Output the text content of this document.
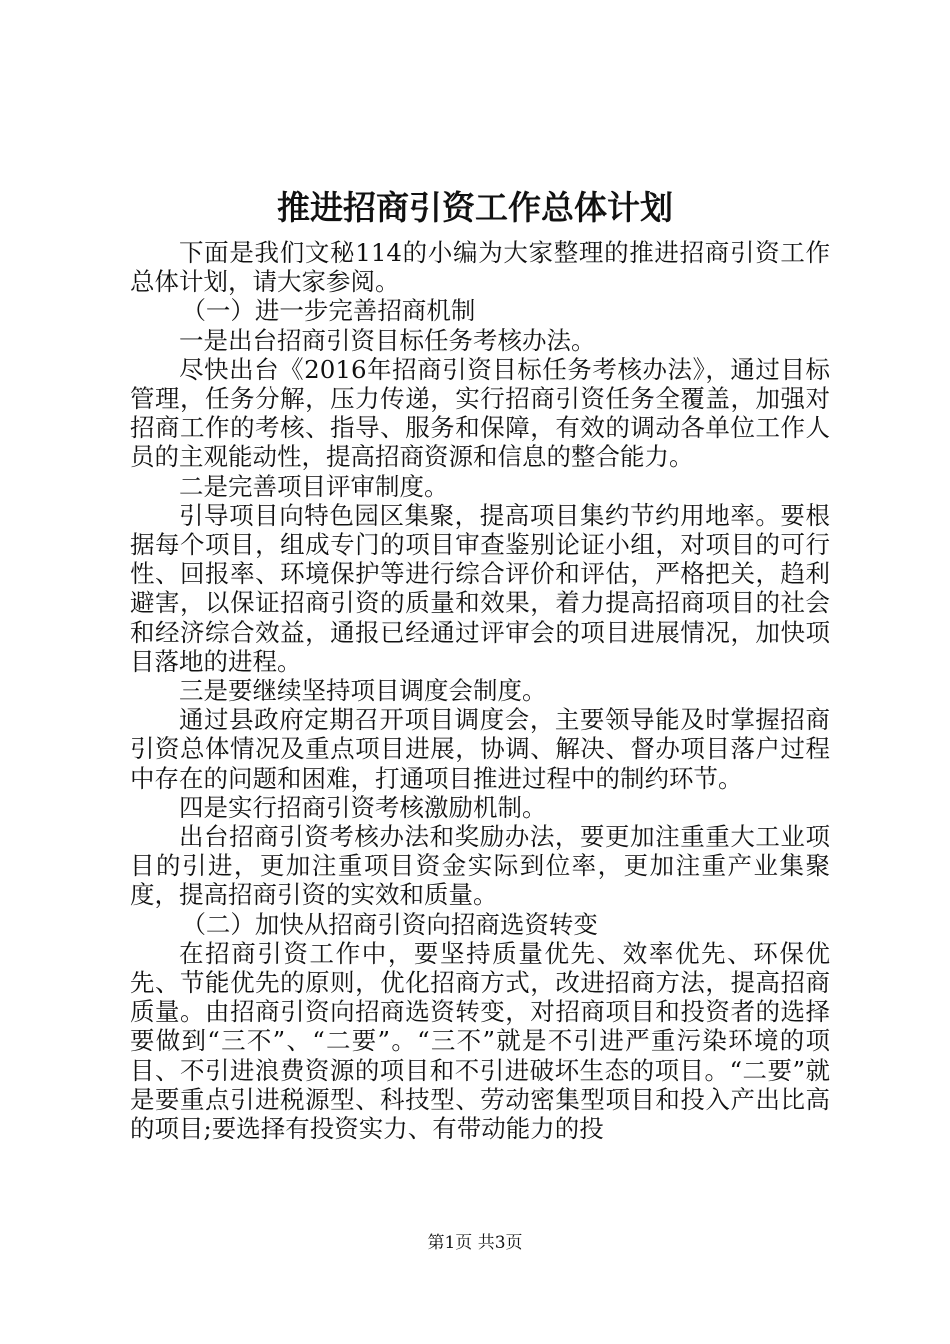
推进招商引资工作总体计划

下面是我们文秘114的小编为大家整理的推进招商引资工作总体计划，请大家参阅。

（一）进一步完善招商机制

一是出台招商引资目标任务考核办法。

尽快出台《2016年招商引资目标任务考核办法》，通过目标管理，任务分解，压力传递，实行招商引资任务全覆盖，加强对招商工作的考核、指导、服务和保障，有效的调动各单位工作人员的主观能动性，提高招商资源和信息的整合能力。

二是完善项目评审制度。

引导项目向特色园区集聚，提高项目集约节约用地率。要根据每个项目，组成专门的项目审查鉴别论证小组，对项目的可行性、回报率、环境保护等进行综合评价和评估，严格把关，趋利避害，以保证招商引资的质量和效果，着力提高招商项目的社会和经济综合效益，通报已经通过评审会的项目进展情况，加快项目落地的进程。

三是要继续坚持项目调度会制度。

通过县政府定期召开项目调度会，主要领导能及时掌握招商引资总体情况及重点项目进展，协调、解决、督办项目落户过程中存在的问题和困难，打通项目推进过程中的制约环节。

四是实行招商引资考核激励机制。

出台招商引资考核办法和奖励办法，要更加注重重大工业项目的引进，更加注重项目资金实际到位率，更加注重产业集聚度，提高招商引资的实效和质量。

（二）加快从招商引资向招商选资转变

在招商引资工作中，要坚持质量优先、效率优先、环保优先、节能优先的原则，优化招商方式，改进招商方法，提高招商质量。由招商引资向招商选资转变，对招商项目和投资者的选择要做到“三不”、“二要”。“三不”就是不引进严重污染环境的项目、不引进浪费资源的项目和不引进破坏生态的项目。“二要”就是要重点引进税源型、科技型、劳动密集型项目和投入产出比高的项目;要选择有投资实力、有带动能力的投

第1页 共3页
